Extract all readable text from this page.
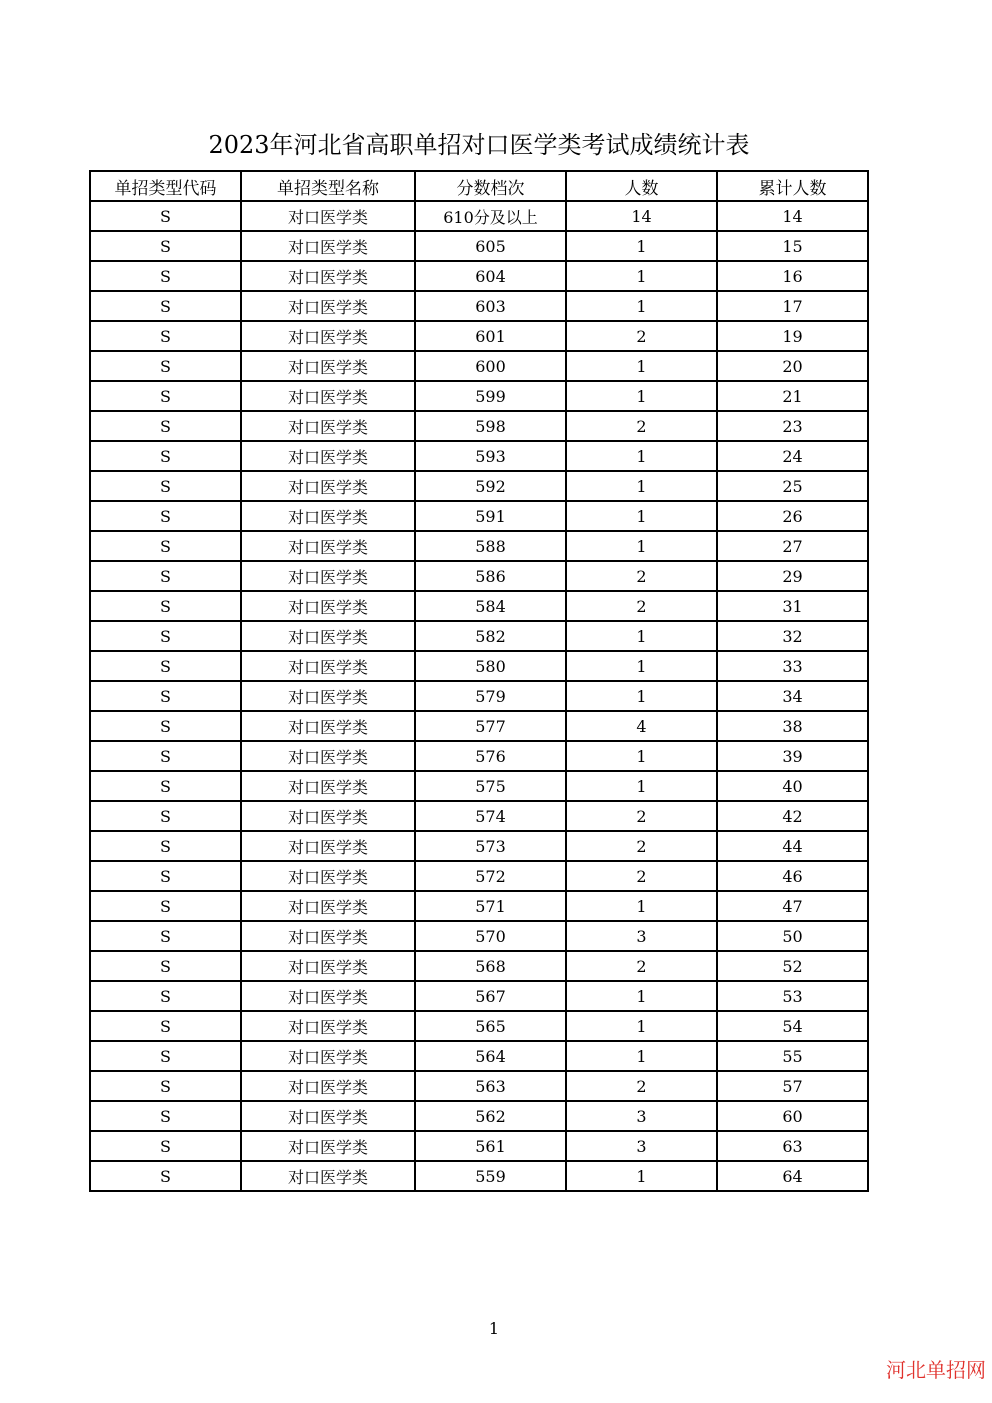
2023年河北省高职单招对口医学类考试成绩统计表
单招类型代码	单招类型名称	分数档次	人数	累计人数
S	对口医学类	610分及以上	14	14
S	对口医学类	605	1	15
S	对口医学类	604	1	16
S	对口医学类	603	1	17
S	对口医学类	601	2	19
S	对口医学类	600	1	20
S	对口医学类	599	1	21
S	对口医学类	598	2	23
S	对口医学类	593	1	24
S	对口医学类	592	1	25
S	对口医学类	591	1	26
S	对口医学类	588	1	27
S	对口医学类	586	2	29
S	对口医学类	584	2	31
S	对口医学类	582	1	32
S	对口医学类	580	1	33
S	对口医学类	579	1	34
S	对口医学类	577	4	38
S	对口医学类	576	1	39
S	对口医学类	575	1	40
S	对口医学类	574	2	42
S	对口医学类	573	2	44
S	对口医学类	572	2	46
S	对口医学类	571	1	47
S	对口医学类	570	3	50
S	对口医学类	568	2	52
S	对口医学类	567	1	53
S	对口医学类	565	1	54
S	对口医学类	564	1	55
S	对口医学类	563	2	57
S	对口医学类	562	3	60
S	对口医学类	561	3	63
S	对口医学类	559	1	64
1
河北单招网
